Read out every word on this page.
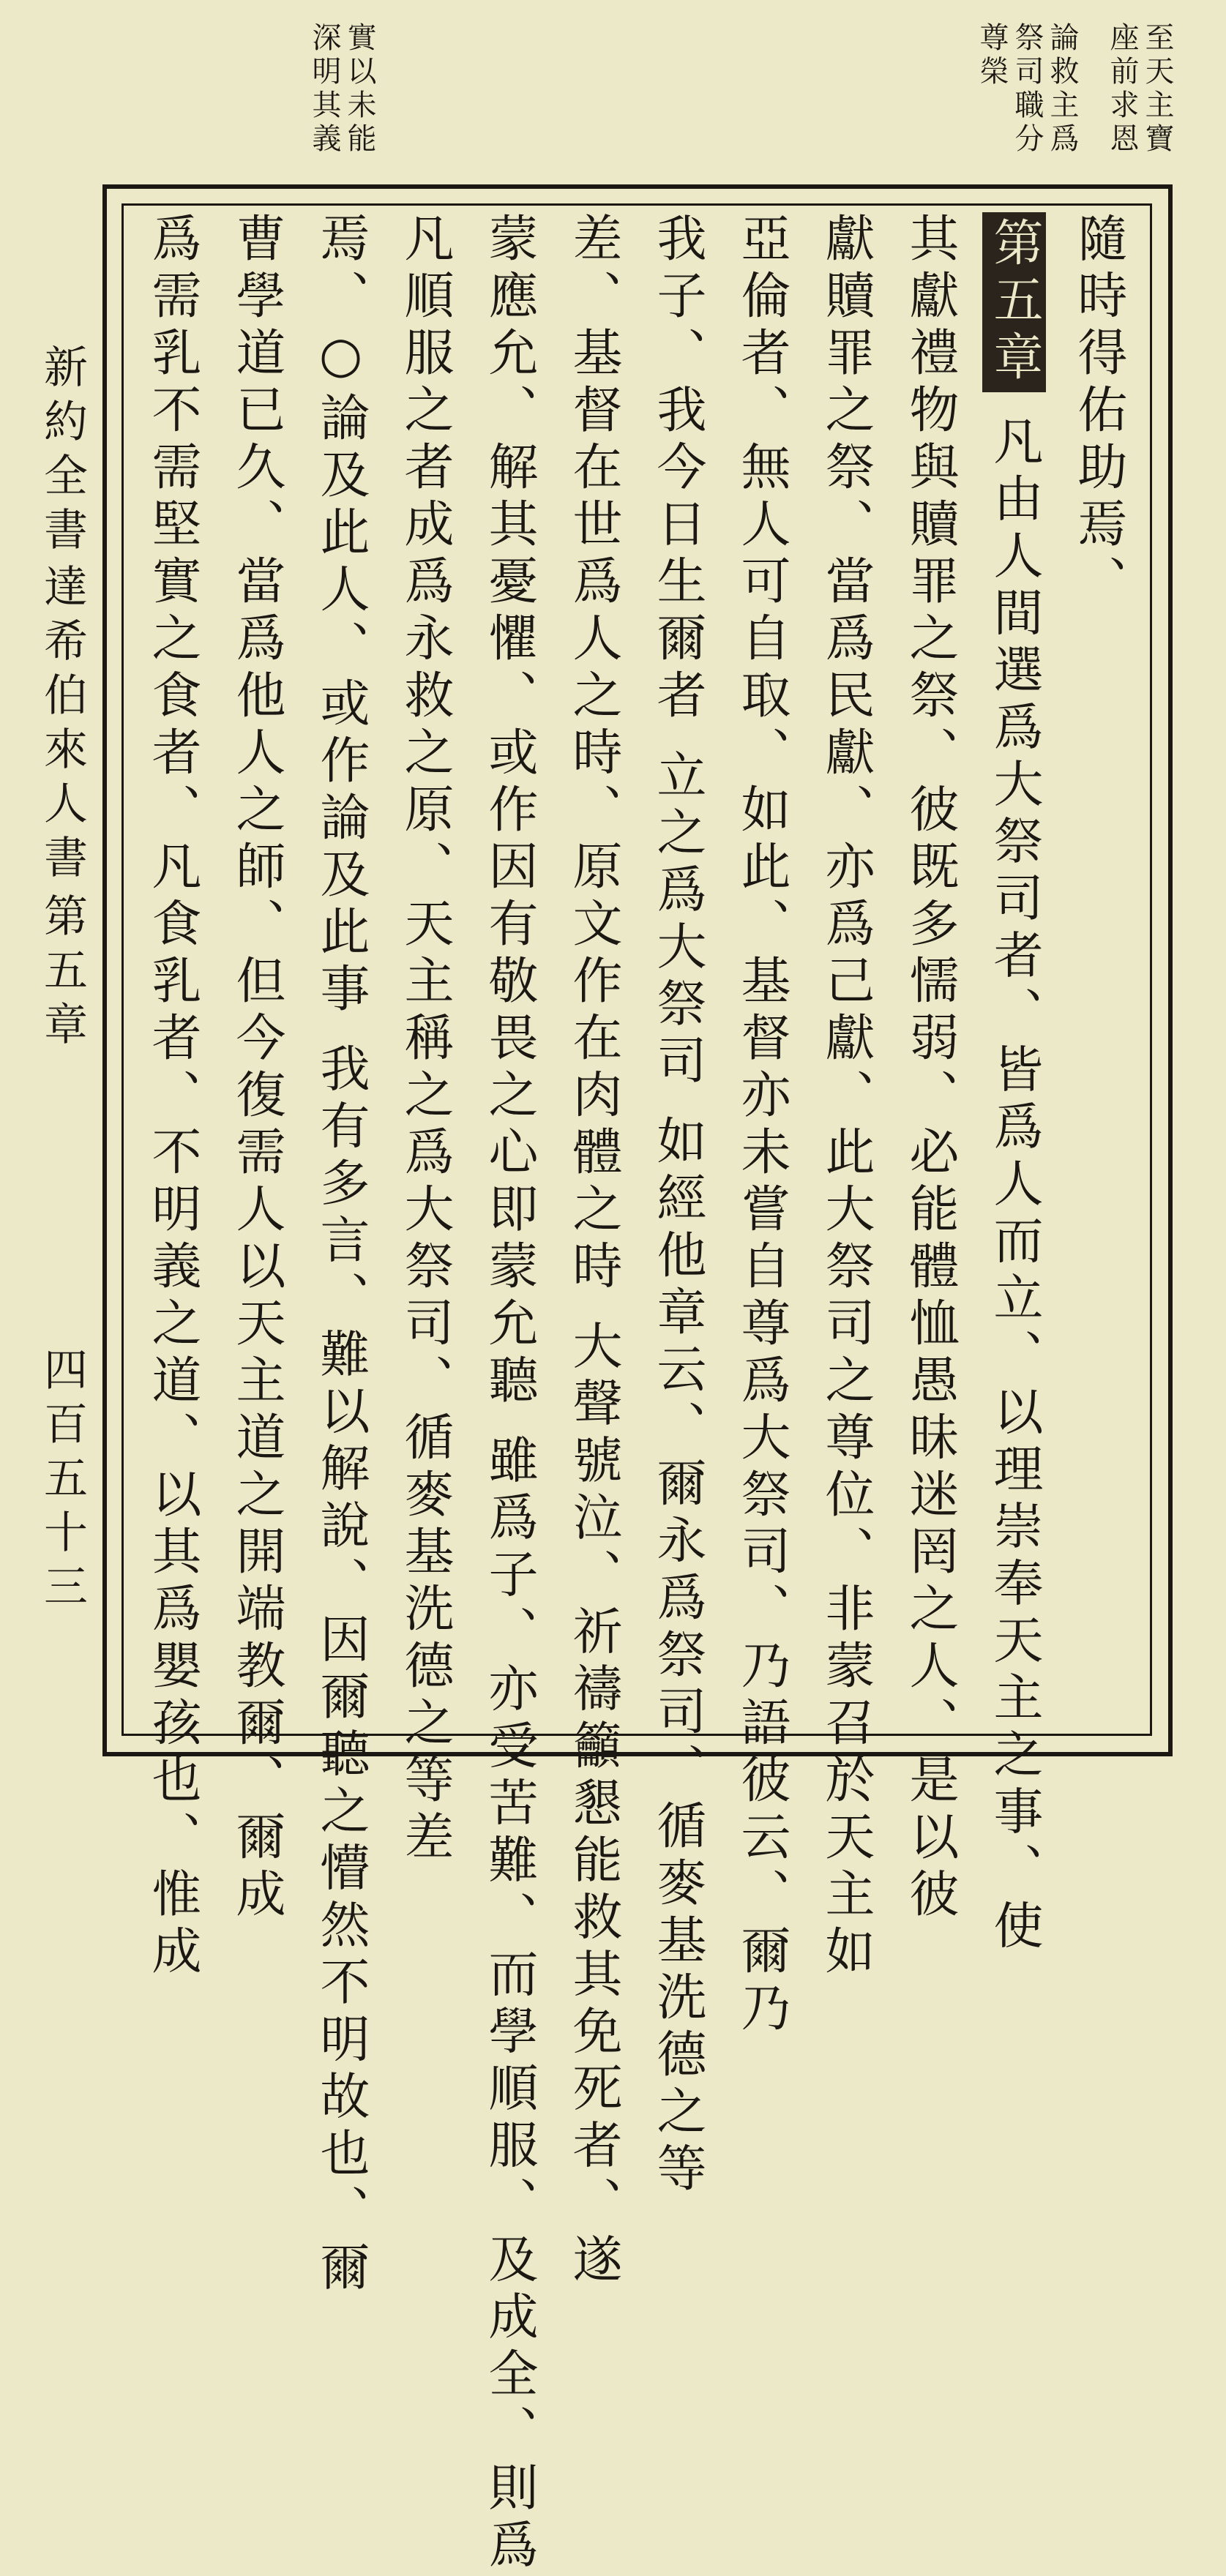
至天主寶
座前求恩
論救主爲
祭司職分
尊榮
實以未能
深明其義
隨時得佑助焉、
第五章 凡由人間選爲大祭司者、皆爲人而立、以理崇奉天主之事、使
其獻禮物與贖罪之祭、彼既多懦弱、必能體恤愚昧迷罔之人、是以彼
獻贖罪之祭、當爲民獻、亦爲己獻、此大祭司之尊位、非蒙召於天主如
亞倫者、無人可自取、如此、基督亦未嘗自尊爲大祭司、乃語彼云、爾乃
我子、我今日生爾者 立之爲大祭司 如經他章云、爾永爲祭司、循麥基洗德之等
差、基督在世爲人之時、原文作在肉體之時 大聲號泣、祈禱籲懇能救其免死者、遂
蒙應允、解其憂懼、或作因有敬畏之心即蒙允聽 雖爲子、亦受苦難、而學順服、及成全、則爲
凡順服之者成爲永救之原、天主稱之爲大祭司、循麥基洗德之等差
焉、○論及此人、或作論及此事 我有多言、難以解說、因爾聽之懵然不明故也、爾
曹學道已久、當爲他人之師、但今復需人以天主道之開端教爾、爾成
爲需乳不需堅實之食者、凡食乳者、不明義之道、以其爲嬰孩也、惟成
新約全書
達希伯來人書
第五章
四百五十三
